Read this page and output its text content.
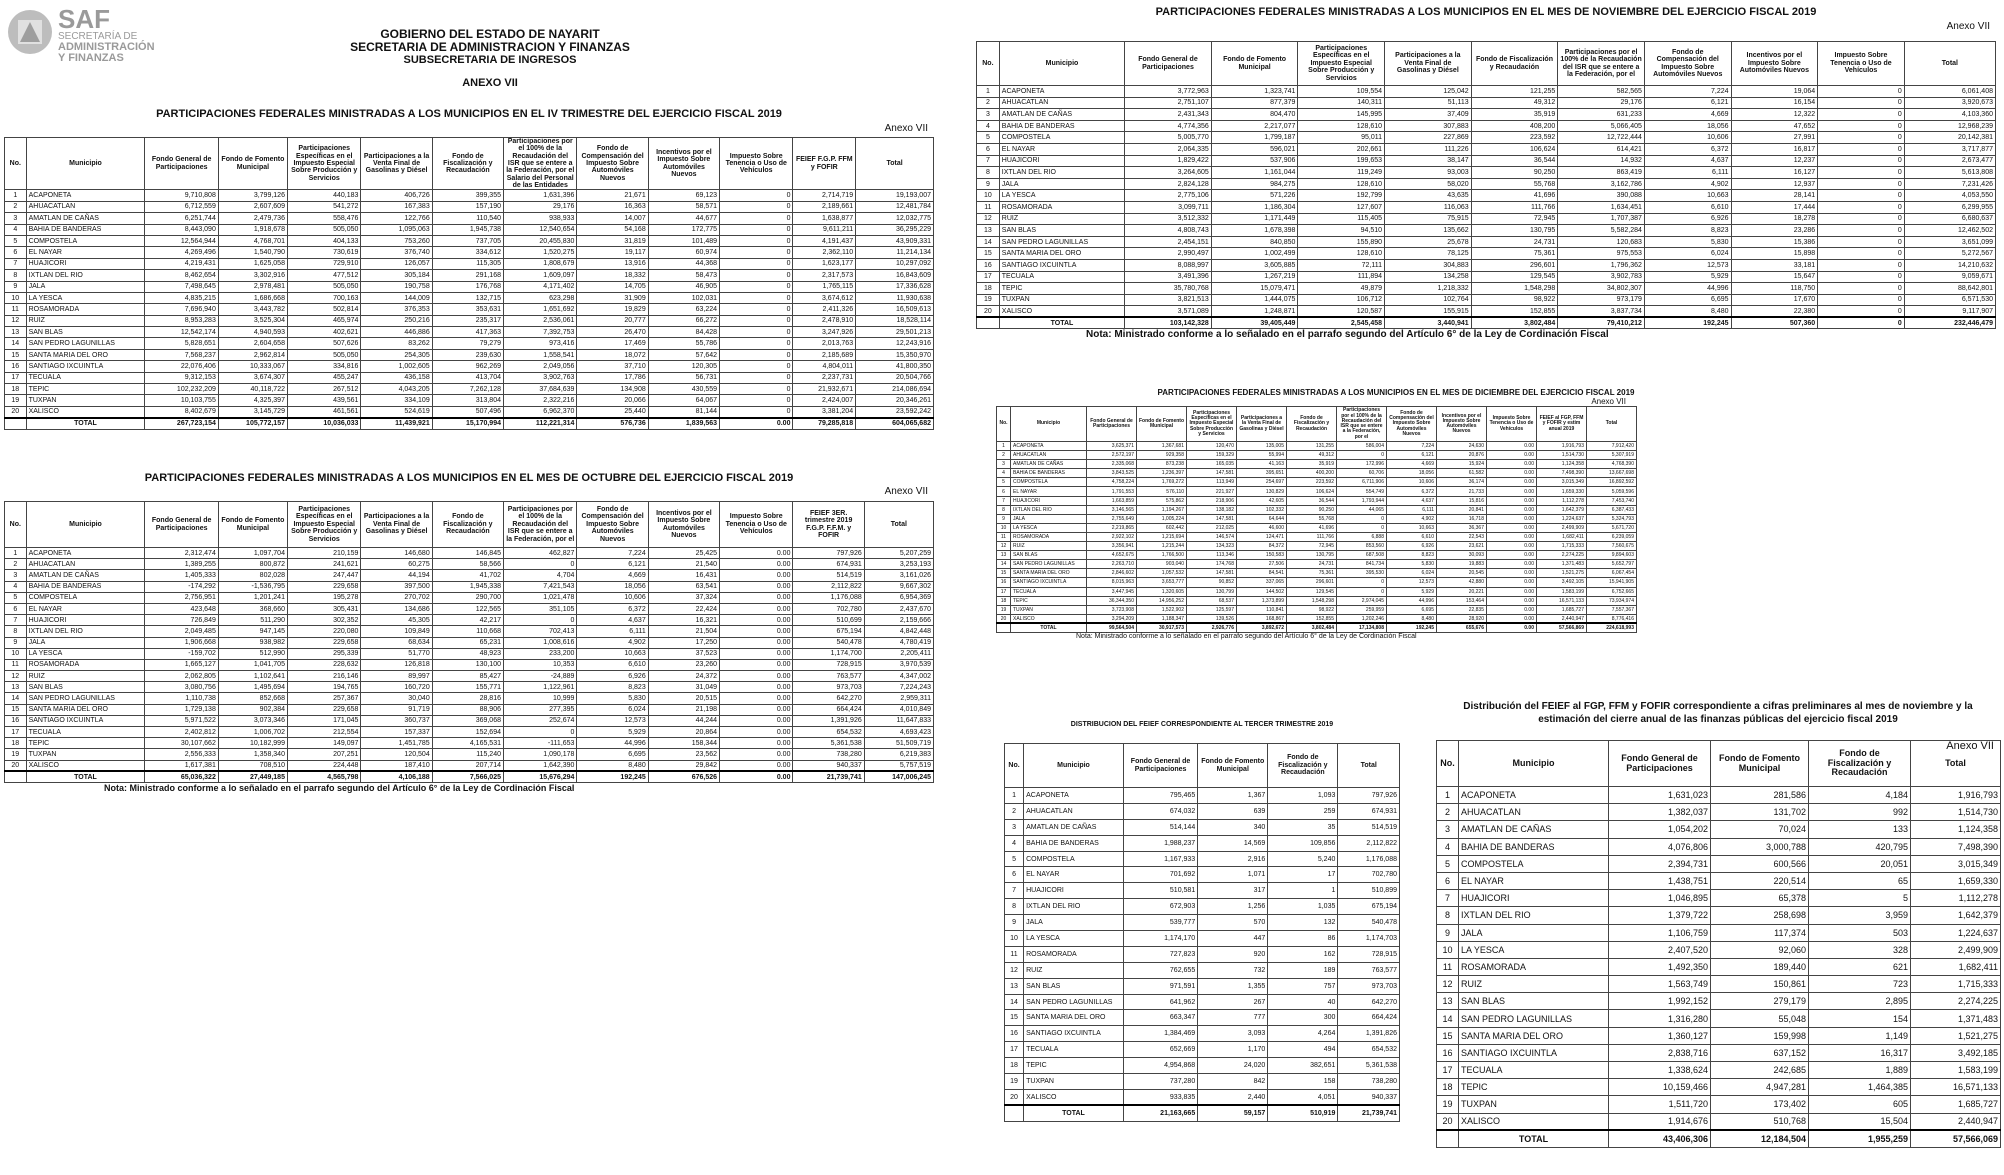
SAF
SECRETARÍA DE
ADMINISTRACIÓN
Y FINANZAS
GOBIERNO DEL ESTADO DE NAYARIT
SECRETARIA DE ADMINISTRACION Y FINANZAS
SUBSECRETARIA DE INGRESOS
ANEXO VII
PARTICIPACIONES FEDERALES MINISTRADAS A LOS MUNICIPIOS EN EL IV TRIMESTRE DEL EJERCICIO FISCAL 2019
Anexo VII
No.	Municipio	Fondo General de Participaciones	Fondo de Fomento Municipal	Participaciones Específicas en el Impuesto Especial Sobre Producción y Servicios	Participaciones a la Venta Final de Gasolinas y Diésel	Fondo de Fiscalización y Recaudación	Participaciones por el 100% de la Recaudación del ISR que se entere a la Federación, por el Salario del Personal de las Entidades	Fondo de Compensación del Impuesto Sobre Automóviles Nuevos	Incentivos por el Impuesto Sobre Automóviles Nuevos	Impuesto Sobre Tenencia o Uso de Vehículos	FEIEF F.G.P. FFM y FOFIR	Total
1	ACAPONETA	9,710,808	3,799,126	440,183	406,726	399,355	1,631,396	21,671	69,123	0	2,714,719	19,193,007
2	AHUACATLAN	6,712,559	2,607,609	541,272	167,383	157,190	29,176	16,363	58,571	0	2,189,661	12,481,784
3	AMATLAN DE CAÑAS	6,251,744	2,479,736	558,476	122,766	110,540	938,933	14,007	44,677	0	1,638,877	12,032,775
4	BAHIA DE BANDERAS	8,443,090	1,918,678	505,050	1,095,063	1,945,738	12,540,654	54,168	172,775	0	9,611,211	36,295,229
5	COMPOSTELA	12,564,944	4,768,701	404,133	753,260	737,705	20,455,830	31,819	101,489	0	4,191,437	43,909,331
6	EL NAYAR	4,269,496	1,540,790	730,619	376,740	334,612	1,520,275	19,117	60,974	0	2,362,110	11,214,134
7	HUAJICORI	4,219,431	1,625,058	729,910	126,057	115,305	1,808,679	13,916	44,368	0	1,623,177	10,297,092
8	IXTLAN DEL RIO	8,462,654	3,302,916	477,512	305,184	291,168	1,609,097	18,332	58,473	0	2,317,573	16,843,609
9	JALA	7,498,645	2,978,481	505,050	190,758	176,768	4,171,402	14,705	46,905	0	1,765,115	17,336,628
10	LA YESCA	4,835,215	1,686,668	700,163	144,009	132,715	623,298	31,909	102,031	0	3,674,612	11,930,638
11	ROSAMORADA	7,696,940	3,443,782	502,814	376,353	353,631	1,651,692	19,829	63,224	0	2,411,326	16,509,613
12	RUIZ	8,953,283	3,525,304	465,974	250,216	235,317	2,536,061	20,777	66,272	0	2,478,910	18,528,114
13	SAN BLAS	12,542,174	4,940,593	402,621	446,886	417,363	7,392,753	26,470	84,428	0	3,247,926	29,501,213
14	SAN PEDRO LAGUNILLAS	5,828,651	2,604,658	507,626	83,262	79,279	973,416	17,469	55,786	0	2,013,763	12,243,916
15	SANTA MARIA DEL ORO	7,568,237	2,962,814	505,050	254,305	239,630	1,558,541	18,072	57,642	0	2,185,689	15,350,970
16	SANTIAGO IXCUINTLA	22,076,406	10,333,067	334,816	1,002,605	962,269	2,049,056	37,710	120,305	0	4,804,011	41,800,350
17	TECUALA	9,312,153	3,674,307	455,247	436,158	413,704	3,902,763	17,786	56,731	0	2,237,731	20,504,766
18	TEPIC	102,232,209	40,118,722	267,512	4,043,205	7,262,128	37,684,639	134,908	430,559	0	21,932,671	214,086,694
19	TUXPAN	10,103,755	4,325,397	439,561	334,109	313,804	2,322,216	20,066	64,067	0	2,424,007	20,346,261
20	XALISCO	8,402,679	3,145,729	461,561	524,619	507,496	6,962,370	25,440	81,144	0	3,381,204	23,592,242
	TOTAL	267,723,154	105,772,157	10,036,033	11,439,921	15,170,994	112,221,314	576,736	1,839,563	0.00	79,285,818	604,065,682
PARTICIPACIONES FEDERALES MINISTRADAS A LOS MUNICIPIOS EN EL MES DE OCTUBRE DEL EJERCICIO FISCAL 2019
Anexo VII
No.	Municipio	Fondo General de Participaciones	Fondo de Fomento Municipal	Participaciones Específicas en el Impuesto Especial Sobre Producción y Servicios	Participaciones a la Venta Final de Gasolinas y Diésel	Fondo de Fiscalización y Recaudación	Participaciones por el 100% de la Recaudación del ISR que se entere a la Federación, por el	Fondo de Compensación del Impuesto Sobre Automóviles Nuevos	Incentivos por el Impuesto Sobre Automóviles Nuevos	Impuesto Sobre Tenencia o Uso de Vehículos	FEIEF 3ER. trimestre 2019 F.G.P. F.F.M. y FOFIR	Total
1	ACAPONETA	2,312,474	1,097,704	210,159	146,680	146,845	462,827	7,224	25,425	0.00	797,926	5,207,259
2	AHUACATLAN	1,389,255	800,872	241,621	60,275	58,566	0	6,121	21,540	0.00	674,931	3,253,193
3	AMATLAN DE CAÑAS	1,405,333	802,028	247,447	44,194	41,702	4,704	4,669	16,431	0.00	514,519	3,161,026
4	BAHIA DE BANDERAS	-174,292	-1,536,795	229,658	397,500	1,945,338	7,421,543	18,056	63,541	0.00	2,112,822	9,667,302
5	COMPOSTELA	2,756,951	1,201,241	195,278	270,702	290,700	1,021,478	10,606	37,324	0.00	1,176,088	6,954,369
6	EL NAYAR	423,648	368,660	305,431	134,686	122,565	351,105	6,372	22,424	0.00	702,780	2,437,670
7	HUAJICORI	726,849	511,290	302,352	45,305	42,217	0	4,637	16,321	0.00	510,699	2,159,666
8	IXTLAN DEL RIO	2,049,485	947,145	220,080	109,849	110,668	702,413	6,111	21,504	0.00	675,194	4,842,448
9	JALA	1,906,668	938,982	229,658	68,634	65,231	1,008,616	4,902	17,250	0.00	540,478	4,780,419
10	LA YESCA	-159,702	512,990	295,339	51,770	48,923	233,200	10,663	37,523	0.00	1,174,700	2,205,411
11	ROSAMORADA	1,665,127	1,041,705	228,632	126,818	130,100	10,353	6,610	23,260	0.00	728,915	3,970,539
12	RUIZ	2,062,805	1,102,641	216,146	89,997	85,427	-24,889	6,926	24,372	0.00	763,577	4,347,002
13	SAN BLAS	3,080,756	1,495,694	194,765	160,720	155,771	1,122,961	8,823	31,049	0.00	973,703	7,224,243
14	SAN PEDRO LAGUNILLAS	1,110,738	852,668	257,367	30,040	28,816	10,999	5,830	20,515	0.00	642,270	2,959,311
15	SANTA MARIA DEL ORO	1,729,138	902,384	229,658	91,719	88,906	277,395	6,024	21,198	0.00	664,424	4,010,849
16	SANTIAGO IXCUINTLA	5,971,522	3,073,346	171,045	360,737	369,068	252,674	12,573	44,244	0.00	1,391,926	11,647,833
17	TECUALA	2,402,812	1,006,702	212,554	157,337	152,694	0	5,929	20,864	0.00	654,532	4,693,423
18	TEPIC	30,107,662	10,182,999	149,097	1,451,785	4,165,531	-111,653	44,996	158,344	0.00	5,361,538	51,509,719
19	TUXPAN	2,556,333	1,358,340	207,251	120,504	115,240	1,090,178	6,695	23,562	0.00	738,280	6,219,383
20	XALISCO	1,617,381	708,510	224,448	187,410	207,714	1,642,390	8,480	29,842	0.00	940,337	5,757,519
	TOTAL	65,036,322	27,449,185	4,565,798	4,106,188	7,566,025	15,676,294	192,245	676,526	0.00	21,739,741	147,006,245
Nota: Ministrado conforme a lo señalado en el parrafo segundo del Artículo 6° de la Ley de Cordinación Fiscal
PARTICIPACIONES FEDERALES MINISTRADAS A LOS MUNICIPIOS EN EL MES DE NOVIEMBRE DEL EJERCICIO FISCAL 2019
Anexo VII
No.	Municipio	Fondo General de Participaciones	Fondo de Fomento Municipal	Participaciones Específicas en el Impuesto Especial Sobre Producción y Servicios	Participaciones a la Venta Final de Gasolinas y Diésel	Fondo de Fiscalización y Recaudación	Participaciones por el 100% de la Recaudación del ISR que se entere a la Federación, por el	Fondo de Compensación del Impuesto Sobre Automóviles Nuevos	Incentivos por el Impuesto Sobre Automóviles Nuevos	Impuesto Sobre Tenencia o Uso de Vehículos	Total
1	ACAPONETA	3,772,963	1,323,741	109,554	125,042	121,255	582,565	7,224	19,064	0	6,061,408
2	AHUACATLAN	2,751,107	877,379	140,311	51,113	49,312	29,176	6,121	16,154	0	3,920,673
3	AMATLAN DE CAÑAS	2,431,343	804,470	145,995	37,409	35,919	631,233	4,669	12,322	0	4,103,360
4	BAHIA DE BANDERAS	4,774,356	2,217,077	128,610	307,883	408,200	5,066,405	18,056	47,652	0	12,968,239
5	COMPOSTELA	5,005,770	1,799,187	95,011	227,869	223,592	12,722,444	10,606	27,991	0	20,142,381
6	EL NAYAR	2,064,335	596,021	202,661	111,226	106,624	614,421	6,372	16,817	0	3,717,877
7	HUAJICORI	1,829,422	537,906	199,653	38,147	36,544	14,932	4,637	12,237	0	2,673,477
8	IXTLAN DEL RIO	3,264,605	1,161,044	119,249	93,003	90,250	863,419	6,111	16,127	0	5,613,808
9	JALA	2,824,128	984,275	128,610	58,020	55,768	3,162,786	4,902	12,937	0	7,231,426
10	LA YESCA	2,775,106	571,226	192,799	43,635	41,696	390,088	10,663	28,141	0	4,053,550
11	ROSAMORADA	3,099,711	1,186,304	127,607	116,063	111,766	1,634,451	6,610	17,444	0	6,299,955
12	RUIZ	3,512,332	1,171,449	115,405	75,915	72,945	1,707,387	6,926	18,278	0	6,680,637
13	SAN BLAS	4,808,743	1,678,398	94,510	135,662	130,795	5,582,284	8,823	23,286	0	12,462,502
14	SAN PEDRO LAGUNILLAS	2,454,151	840,850	155,890	25,678	24,731	120,683	5,830	15,386	0	3,651,099
15	SANTA MARIA DEL ORO	2,990,497	1,002,499	128,610	78,125	75,361	975,553	6,024	15,898	0	5,272,567
16	SANTIAGO IXCUINTLA	8,088,997	3,605,885	72,111	304,883	296,601	1,796,362	12,573	33,181	0	14,210,632
17	TECUALA	3,491,396	1,267,219	111,894	134,258	129,545	3,902,783	5,929	15,647	0	9,059,671
18	TEPIC	35,780,768	15,079,471	49,879	1,218,332	1,548,298	34,802,307	44,996	118,750	0	88,642,801
19	TUXPAN	3,821,513	1,444,075	106,712	102,764	98,922	973,179	6,695	17,670	0	6,571,530
20	XALISCO	3,571,089	1,248,871	120,587	155,915	152,855	3,837,734	8,480	22,380	0	9,117,907
	TOTAL	103,142,328	39,405,449	2,545,458	3,440,941	3,802,484	79,410,212	192,245	507,360	0	232,446,479
Nota: Ministrado conforme a lo señalado en el parrafo segundo del Artículo 6° de la Ley de Cordinación Fiscal
PARTICIPACIONES FEDERALES MINISTRADAS A LOS MUNICIPIOS EN EL MES DE DICIEMBRE DEL EJERCICIO FISCAL 2019
Anexo VII
No.	Municipio	Fondo General de Participaciones	Fondo de Fomento Municipal	Participaciones Específicas en el Impuesto Especial Sobre Producción y Servicios	Participaciones a la Venta Final de Gasolinas y Diésel	Fondo de Fiscalización y Recaudación	Participaciones por el 100% de la Recaudación del ISR que se entere a la Federación, por el	Fondo de Compensación del Impuesto Sobre Automóviles Nuevos	Incentivos por el Impuesto Sobre Automóviles Nuevos	Impuesto Sobre Tenencia o Uso de Vehículos	FEIEF al FGP, FFM y FOFIR y estim anual 2019	Total
1	ACAPONETA	3,625,371	1,367,681	120,470	135,005	131,255	586,004	7,224	24,630	0.00	1,916,793	7,912,420
2	AHUACATLAN	2,572,197	929,358	159,329	55,994	49,312	0	6,121	20,876	0.00	1,514,730	5,307,919
3	AMATLAN DE CAÑAS	2,335,068	873,238	165,035	41,163	35,919	172,996	4,669	15,924	0.00	1,124,358	4,768,390
4	BAHIA DE BANDERAS	3,843,525	1,236,397	147,581	395,651	400,200	60,706	18,056	61,582	0.00	7,498,390	13,667,698
5	COMPOSTELA	4,758,224	1,769,272	113,949	254,697	223,592	6,711,906	10,606	36,174	0.00	3,015,349	16,892,592
6	EL NAYAR	1,791,553	576,110	221,927	130,829	106,624	554,749	6,372	21,733	0.00	1,659,330	5,059,596
7	HUAJICORI	1,663,859	575,862	218,906	42,605	36,544	1,793,944	4,637	15,816	0.00	1,112,278	7,453,740
8	IXTLAN DEL RIO	3,146,565	1,194,267	138,182	102,332	90,250	44,065	6,111	20,841	0.00	1,642,379	6,387,433
9	JALA	2,755,649	1,005,224	147,581	64,644	55,768	0	4,902	16,718	0.00	1,224,637	5,324,793
10	LA YESCA	2,219,865	602,442	212,025	46,600	41,696	0	10,663	36,367	0.00	2,499,909	5,671,720
11	ROSAMORADA	2,922,102	1,215,694	146,574	124,471	111,766	6,888	6,610	22,543	0.00	1,682,411	6,239,059
12	RUIZ	3,356,941	1,215,244	134,323	84,372	72,945	853,560	6,926	23,621	0.00	1,715,333	7,560,675
13	SAN BLAS	4,652,675	1,766,500	113,346	150,583	130,795	687,508	8,823	30,093	0.00	2,274,225	9,894,603
14	SAN PEDRO LAGUNILLAS	2,263,710	903,040	174,768	27,506	24,731	841,734	5,830	19,883	0.00	1,371,483	5,652,797
15	SANTA MARIA DEL ORO	2,846,602	1,057,532	147,581	84,541	75,361	395,530	6,024	20,545	0.00	1,521,275	6,067,454
16	SANTIAGO IXCUINTLA	8,015,963	3,653,777	90,852	337,065	296,601	0	12,573	42,880	0.00	3,492,105	15,941,905
17	TECUALA	3,447,945	1,320,605	130,799	144,502	129,545	0	5,929	20,221	0.00	1,583,199	6,752,665
18	TEPIC	36,344,350	14,956,252	68,537	1,373,899	1,548,298	2,974,045	44,996	153,464	0.00	16,571,133	73,934,974
19	TUXPAN	3,723,908	1,522,902	125,597	110,841	98,922	259,959	6,695	22,835	0.00	1,685,727	7,557,367
20	XALISCO	3,294,209	1,188,347	139,526	168,867	152,855	1,202,246	8,480	28,920	0.00	2,440,947	8,776,416
	TOTAL	99,564,504	30,917,573	2,926,776	3,892,672	3,802,484	17,134,808	192,245	655,676	0.00	57,566,869	224,618,993
Nota: Ministrado conforme a lo señalado en el parrafo segundo del Artículo 6° de la Ley de Cordinación Fiscal
DISTRIBUCION DEL FEIEF CORRESPONDIENTE AL TERCER TRIMESTRE 2019
No.	Municipio	Fondo General de Participaciones	Fondo de Fomento Municipal	Fondo de Fiscalización y Recaudación	Total
1	ACAPONETA	795,465	1,367	1,093	797,926
2	AHUACATLAN	674,032	639	259	674,931
3	AMATLAN DE CAÑAS	514,144	340	35	514,519
4	BAHIA DE BANDERAS	1,988,237	14,569	109,856	2,112,822
5	COMPOSTELA	1,167,933	2,916	5,240	1,176,088
6	EL NAYAR	701,692	1,071	17	702,780
7	HUAJICORI	510,581	317	1	510,899
8	IXTLAN DEL RIO	672,903	1,256	1,035	675,194
9	JALA	539,777	570	132	540,478
10	LA YESCA	1,174,170	447	86	1,174,703
11	ROSAMORADA	727,823	920	162	728,915
12	RUIZ	762,655	732	189	763,577
13	SAN BLAS	971,591	1,355	757	973,703
14	SAN PEDRO LAGUNILLAS	641,962	267	40	642,270
15	SANTA MARIA DEL ORO	663,347	777	300	664,424
16	SANTIAGO IXCUINTLA	1,384,469	3,093	4,264	1,391,826
17	TECUALA	652,669	1,170	494	654,532
18	TEPIC	4,954,868	24,020	382,651	5,361,538
19	TUXPAN	737,280	842	158	738,280
20	XALISCO	933,835	2,440	4,051	940,337
	TOTAL	21,163,665	59,157	510,919	21,739,741
Distribución del FEIEF al FGP, FFM y FOFIR correspondiente a cifras preliminares al mes de noviembre y la estimación del cierre anual de las finanzas públicas del ejercicio fiscal 2019
Anexo VII
No.	Municipio	Fondo General de Participaciones	Fondo de Fomento Municipal	Fondo de Fiscalización y Recaudación	Total
1	ACAPONETA	1,631,023	281,586	4,184	1,916,793
2	AHUACATLAN	1,382,037	131,702	992	1,514,730
3	AMATLAN DE CAÑAS	1,054,202	70,024	133	1,124,358
4	BAHIA DE BANDERAS	4,076,806	3,000,788	420,795	7,498,390
5	COMPOSTELA	2,394,731	600,566	20,051	3,015,349
6	EL NAYAR	1,438,751	220,514	65	1,659,330
7	HUAJICORI	1,046,895	65,378	5	1,112,278
8	IXTLAN DEL RIO	1,379,722	258,698	3,959	1,642,379
9	JALA	1,106,759	117,374	503	1,224,637
10	LA YESCA	2,407,520	92,060	328	2,499,909
11	ROSAMORADA	1,492,350	189,440	621	1,682,411
12	RUIZ	1,563,749	150,861	723	1,715,333
13	SAN BLAS	1,992,152	279,179	2,895	2,274,225
14	SAN PEDRO LAGUNILLAS	1,316,280	55,048	154	1,371,483
15	SANTA MARIA DEL ORO	1,360,127	159,998	1,149	1,521,275
16	SANTIAGO IXCUINTLA	2,838,716	637,152	16,317	3,492,185
17	TECUALA	1,338,624	242,685	1,889	1,583,199
18	TEPIC	10,159,466	4,947,281	1,464,385	16,571,133
19	TUXPAN	1,511,720	173,402	605	1,685,727
20	XALISCO	1,914,676	510,768	15,504	2,440,947
	TOTAL	43,406,306	12,184,504	1,955,259	57,566,069
